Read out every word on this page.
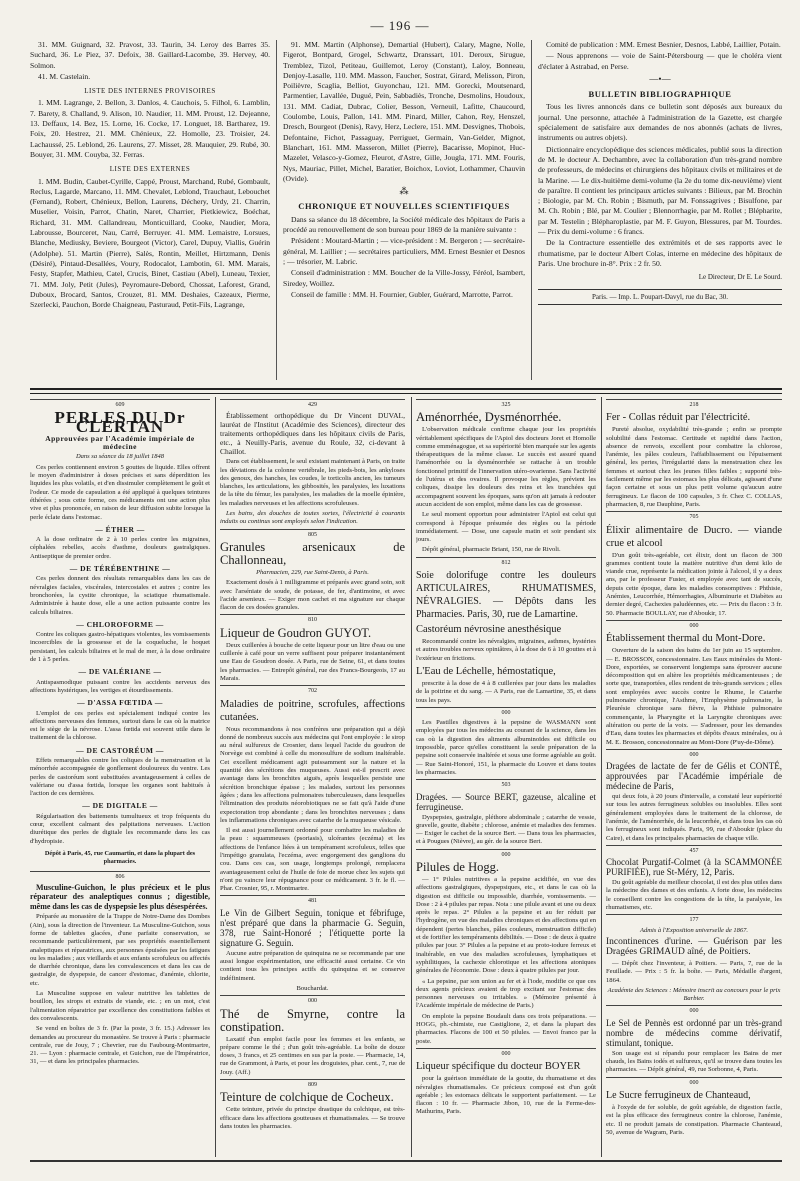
— 196 —

31. MM. Guignard, 32. Pravost, 33. Taurin, 34. Leroy des Barres 35. Suchard, 36. Le Piez, 37. Defoix, 38. Gaillard-Lacombe, 39. Hervey, 40. Solmon.

41. M. Castelain.

LISTE DES INTERNES PROVISOIRES

1. MM. Lagrange, 2. Bellon, 3. Danlos, 4. Cauchois, 5. Filhol, 6. Lamblin, 7. Barety, 8. Challand, 9. Alison, 10. Naudier, 11. MM. Proust, 12. Dejeanne, 13. Deffaux, 14. Bez, 15. Lorne, 16. Cocke, 17. Longuet, 18. Bartharez, 19. Foix, 20. Hestrez, 21. MM. Chénieux, 22. Homolle, 23. Troisier, 24. Lachaussé, 25. Leblond, 26. Laurens, 27. Misset, 28. Mauquier, 29. Rubé, 30. Bouyer, 31. MM. Couyba, 32. Ferras.

LISTE DES EXTERNES

1. MM. Budin, Caubet-Cyrille, Cappé, Proust, Marchand, Rubé, Gombault, Reclus, Lagarde, Marcano, 11. MM. Chevalet, Leblond, Trauchaut, Lebouchet (Fernand), Robert, Chénieux, Bellon, Laurens, Déchery, Urdy, 21. Charrin, Muselier, Voisin, Parrot, Chatin, Naret, Charrier, Pietkiewicz, Boéchat, Richard, 31. MM. Callandreau, Monticuillard, Cooke, Naudier, Mora, Labrousse, Bourceret, Nau, Carré, Berruyer. 41. MM. Lemaistre, Lorsues, Blanche, Mediusky, Beviere, Bourgeot (Victor), Carel, Dupuy, Viallis, Guérin (Adolphe). 51. Martin (Pierre), Salès, Rontin, Meillet, Hirtzmann, Denis (Désiré), Pintaud-Desallées, Voury, Rodocalot, Lambotin, 61. MM. Marais, Festy, Stapfer, Mathieu, Catel, Crucis, Binet, Castiau (Abel), Luneau, Texier, 71. MM. Joly, Petit (Jules), Peyromaure-Debord, Chossat, Laforest, Grand, Duboux, Brocard, Santos, Crouzet, 81. MM. Deshaies, Cazeaux, Pierme, Szerlecki, Pauchon, Borde Chaigneau, Pasturaud, Petit-Fils, Lagrange,

91. MM. Martin (Alphonse), Demartial (Hubert), Calary, Magne, Nolle, Figerot, Bontpard, Grogel, Schwartz, Dranssart, 101. Deroux, Sirugue, Tremblez, Tizol, Petiteau, Guillemot, Leroy (Constant), Laloy, Bonneau, Denjoy-Lasalle, 110. MM. Masson, Faucher, Sostrat, Girard, Melisson, Piron, Poilièvre, Scaglia, Belliot, Guyonchau, 121. MM. Gorecki, Moutsenard, Parmentier, Lavallée, Dugué, Pein, Sabbadiès, Tronche, Desmolins, Houdoux, 131. MM. Cadiat, Dubrac, Colier, Besson, Verneuil, Lafitte, Chaucourd, Coulombe, Louis, Pallon, 141. MM. Pinard, Miller, Cahon, Rey, Henszel, Dresch, Bourgeot (Denis), Ravy, Herz, Leclere, 151. MM. Desvignes, Thobois, Defontaine, Fichot, Passaguay, Perriguet, Germain, Van-Gelder, Mignot, Blanchart, 161. MM. Masseron, Millet (Pierre), Bacarisse, Mopinot, Huc-Mazelet, Velasco-y-Gomez, Fleurot, d'Astre, Gille, Jougla, 171. MM. Fouris, Nys, Mauriac, Pillet, Michel, Baratier, Boichox, Loviot, Lothammer, Chauvin (Ovide).

⁂
CHRONIQUE ET NOUVELLES SCIENTIFIQUES

Dans sa séance du 18 décembre, la Société médicale des hôpitaux de Paris a procédé au renouvellement de son bureau pour 1869 de la manière suivante :

Président : Moutard-Martin ; — vice-président : M. Bergeron ; — secrétaire-général, M. Laillier ; — secrétaires particuliers, MM. Ernest Besnier et Desnos ; — trésorier, M. Labric.

Conseil d'administration : MM. Boucher de la Ville-Jossy, Féréol, Isambert, Siredey, Woillez.

Conseil de famille : MM. H. Fournier, Gubler, Guérard, Marrotte, Parrot.

Comité de publication : MM. Ernest Besnier, Desnos, Labbé, Laillier, Potain.

— Nous apprenons — voie de Saint-Pétersbourg — que le choléra vient d'éclater à Astrabad, en Perse.

—•—
BULLETIN BIBLIOGRAPHIQUE

Tous les livres annoncés dans ce bulletin sont déposés aux bureaux du journal. Une personne, attachée à l'administration de la Gazette, est chargée spécialement de satisfaire aux demandes de nos abonnés (achats de livres, instruments ou autres objets).

Dictionnaire encyclopédique des sciences médicales, publié sous la direction de M. le docteur A. Dechambre, avec la collaboration d'un très-grand nombre de professeurs, de médecins et chirurgiens des hôpitaux civils et militaires et de la Marine. — Le dix-huitième demi-volume (la 2e du tome dix-neuvième) vient de paraître. Il contient les principaux articles suivants : Bilieux, par M. Brochin ; Biologie, par M. Ch. Robin ; Bismuth, par M. Fonssagrives ; Bisulfone, par M. Ch. Robin ; Blé, par M. Coulier ; Blennorrhagie, par M. Rollet ; Blépharite, par M. Testelin ; Blépharoplastie, par M. F. Guyon, Blessures, par M. Tourdes. — Prix du demi-volume : 6 francs.

De la Contracture essentielle des extrémités et de ses rapports avec le rhumatisme, par le docteur Albert Colas, interne en médecine des hôpitaux de Paris. Une brochure in-8°. Prix : 2 fr. 50.

Le Directeur, Dr E. Le Sourd.
Paris. — Imp. L. Poupart-Davyl, rue du Bac, 30.
609
PERLES DU Dr CLERTAN
Approuvées par l'Académie impériale de médecine
Dans sa séance du 18 juillet 1848

Ces perles contiennent environ 5 gouttes de liquide. Elles offrent le moyen d'administrer à doses précises et sans déperdition les liquides les plus volatils, et d'en dissimuler complètement le goût et l'odeur. Ce mode de capsulation a été appliqué à quelques teintures éthérées ; sous cette forme, ces médicaments ont une action plus vive et plus prononcée, en raison de leur diffusion subite lorsque la perle éclate dans l'estomac.

— ÉTHER —

A la dose ordinaire de 2 à 10 perles contre les migraines, céphalées rebelles, accès d'asthme, douleurs gastralgiques. Antiseptique de premier ordre.

— DE TÉRÉBENTHINE —

Ces perles donnent des résultats remarquables dans les cas de névralgies faciales, viscérales, intercostales et autres ; contre les bronchorées, la cystite chronique, la sciatique rhumatismale. Administrée à haute dose, elle a une action puissante contre les calculs biliaires.

— CHLOROFORME —

Contre les coliques gastro-hépatiques violentes, les vomissements incoercibles de la grossesse et de la coqueluche, le hoquet persistant, les calculs biliaires et le mal de mer, à la dose ordinaire de 1 à 5 perles.

— DE VALÉRIANE —

Antispasmodique puissant contre les accidents nerveux des affections hystériques, les vertiges et étourdissements.

— D'ASSA FŒTIDA —

L'emploi de ces perles est spécialement indiqué contre les affections nerveuses des femmes, surtout dans le cas où la matrice est le siège de la névrose. L'assa fœtida est souvent utile dans le traitement de la chlorose.

— DE CASTORÉUM —

Effets remarquables contre les coliques de la menstruation et la ménorrhée accompagnée de gonflement douloureux du ventre. Les perles de castoréum sont substituées avantageusement à celles de valériane ou d'assa fœtida, lorsque les organes sont habitués à l'action de ces dernières.

— DE DIGITALE —

Régularisation des battements tumultueux et trop fréquents du cœur, excellent calmant des palpitations nerveuses. L'action diurétique des perles de digitale les recommande dans les cas d'hydropisie.

Dépôt à Paris, 45, rue Caumartin, et dans la plupart des pharmacies.
806

Musculine-Guichon, le plus précieux et le plus réparateur des analeptiques connus ; digestible, même dans les cas de dyspepsie les plus désespérées.

Préparée au monastère de la Trappe de Notre-Dame des Dombes (Ain), sous la direction de l'inventeur. La Musculine-Guichon, sous forme de tablettes glacées, d'une parfaite conservation, se recommande particulièrement, par ses propriétés essentiellement analeptiques et réparatrices, aux personnes épuisées par les fatigues ou les maladies ; aux vieillards et aux enfants scrofuleux ou affectés de diarrhée chronique, dans les convalescences et dans les cas de gastralgie, de dyspepsie, de cancer d'estomac, d'anémie, chlorite, etc.

La Musculine suppose en valeur nutritive les tablettes de bouillon, les sirops et extraits de viande, etc. ; en un mot, c'est l'alimentation réparatrice par excellence des constitutions faibles et des convalescents.

Se vend en boîtes de 3 fr. (Par la poste, 3 fr. 15.) Adresser les demandes au procureur du monastère. Se trouve à Paris : pharmacie centrale, rue de Jouy, 7 ; Chevrier, rue du Faubourg-Montmartre, 21. — Lyon : pharmacie centrale, et Guichon, rue de l'Impératrice, 31, — et dans les principales pharmacies.

429

Établissement orthopédique du Dr Vincent DUVAL, lauréat de l'Institut (Académie des Sciences), directeur des traitements orthopédiques dans les hôpitaux civils de Paris, etc., à Neuilly-Paris, avenue du Roule, 32, ci-devant à Chaillot.

Dans cet établissement, le seul existant maintenant à Paris, on traite les déviations de la colonne vertébrale, les pieds-bots, les ankyloses des genoux, des hanches, les coudes, le torticolis ancien, les tumeurs blanches, les articulations, les gibbosités, les paralysies, les luxations de la tête du fémur, les paralysies, les maladies de la moelle épinière, les maladies nerveuses et les affections scrofuleuses.

Les bains, des douches de toutes sortes, l'électricité à courants induits ou continus sont employés selon l'indication.

805
Granules arsenicaux de Challonneau,
Pharmacien, 229, rue Saint-Denis, à Paris.

Exactement dosés à 1 milligramme et préparés avec grand soin, soit avec l'arséniate de soude, de potasse, de fer, d'antimoine, et avec l'acide arsenieux. — Exiger mon cachet et ma signature sur chaque flacon de ces dosées granules.

810
Liqueur de Goudron GUYOT.

Deux cuillerées à bouche de cette liqueur pour un litre d'eau ou une cuillerée à café pour un verre suffisent pour préparer instantanément une Eau de Goudron dosée. A Paris, rue de Seine, 61, et dans toutes les pharmacies. — Entrepôt général, rue des Francs-Bourgeois, 17 au Marais.

702
Maladies de poitrine, scrofules, affections cutanées.

Nous recommandons à nos confrères une préparation qui a déjà donné de nombreux succès aux médecins qui l'ont employée : le sirop au néral sulfureux de Crosnier, dans lequel l'acide du goudron de Norvège est combiné à celle du monosulfure de sodium inaltérable. Cet excellent médicament agit puissamment sur la nature et la quantité des sécrétions des muqueuses. Aussi est-il prescrit avec avantage dans les bronchites aiguës, après lesquelles persiste une sécrétion bronchique épaisse ; les malades, surtout les personnes âgées ; dans les affections pulmonaires tuberculeuses, dans lesquelles l'élimination des produits néorobiotiques ne se fait qu'à l'aide d'une expectoration trop abondante ; dans les bronchites nerveuses ; dans les inflammations chroniques avec catarrhe de la muqueuse vésicale.

Il est aussi journellement ordonné pour combattre les maladies de la peau : squammeuses (psoriasis), ulcérantes (eczéma) et les affections de l'enfance liées à un tempérament scrofuleux, telles que l'impétigo granulata, l'eczéma, avec engorgement des ganglions du cou. Dans ces cas, son usage, longtemps prolongé, remplacera avantageusement celui de l'huile de foie de morue chez les sujets qui n'ont pu vaincre leur répugnance pour ce médicament. 3 fr. le fl. — Phar. Crosnier, 95, r. Montmartre.

481
Le Vin de Gilbert Seguin, tonique et fébrifuge, n'est préparé que dans la pharmacie G. Seguin, 378, rue Saint-Honoré ; l'étiquette porte la signature G. Seguin.

Aucune autre préparation de quinquina ne se recommande par une aussi longue expérimentation, une efficacité aussi certaine. Ce vin contient tous les principes actifs du quinquina et se conserve indéfiniment.

Bouchardat.
000
Thé de Smyrne, contre la constipation.

Laxatif d'un emploi facile pour les femmes et les enfants, se prépare comme le thé ; d'un goût très-agréable. La boîte de douze doses, 3 francs, et 25 centimes en sus par la poste. — Pharmacie, 14, rue de Grammont, à Paris, et pour les droguistes, phar. cent., 7, rue de Jouy. (Aff.)

809
Teinture de colchique de Cocheux.

Cette teinture, privée du principe drastique du colchique, est très-efficace dans les affections goutteuses et rhumatismales. — Se trouve dans toutes les pharmacies.

325
Aménorrhée, Dysménorrhée.

L'observation médicale confirme chaque jour les propriétés véritablement spécifiques de l'Apiol des docteurs Joret et Homolle comme emménagogue, et sa supériorité bien marquée sur les agents thérapeutiques de la même classe. Le succès est assuré quand l'aménorrhée ou la dysménorrhée se rattache à un trouble fonctionnel primitif de l'innervation utéro-ovarienne. Sans l'activité de l'utérus et des ovaires. Il provoque les règles, prévient les coliques, dissipe les douleurs des reins et les tranchées qui accompagnent souvent les époques, sans qu'on ait jamais à redouter aucun accident de son emploi, même dans les cas de grossesse.

Le seul moment opportun pour administrer l'Apiol est celui qui correspond à l'époque présumée des règles ou la période immédiatement. — Dose, une capsule matin et soir pendant six jours.

Dépôt général, pharmacie Briant, 150, rue de Rivoli.

812
Soie dolorifuge contre les douleurs ARTICULAIRES, RHUMATISMES, NÉVRALGIES. — Dépôts dans les Pharmacies. Paris, 30, rue de Lamartine.
Castoréum névrosine anesthésique

Recommandé contre les névralgies, migraines, asthmes, hystéries et autres troubles nerveux opiniâtres, à la dose de 6 à 10 gouttes et à l'extérieur en frictions.

L'Eau de Léchelle, hémostatique,

prescrite à la dose de 4 à 8 cuillerées par jour dans les maladies de la poitrine et du sang. — A Paris, rue de Lamartine, 35, et dans tous les pays.

000

Les Pastilles digestives à la pepsine de WASMANN sont employées par tous les médecins au courant de la science, dans les cas où la digestion des aliments albuminoïdes est difficile ou impossible, parce qu'elles constituent la seule préparation de la pepsine soit conservée inaltérée et sous une forme agréable au goût. — Rue Saint-Honoré, 151, la pharmacie du Louvre et dans toutes les pharmacies.

503
Dragées. — Source BERT, gazeuse, alcaline et ferrugineuse.

Dyspepsies, gastralgie, pléthore abdominale ; catarrhe de vessie, gravelle, goutte, diabète ; chlorose, anémie et maladies des femmes. — Exiger le cachet de la source Bert. — Dans tous les pharmacies, et à Pougues (Nièvre), au gér. de la source Bert.

000
Pilules de Hogg.

— 1° Pilules nutritives a la pepsine acidifiée, en vue des affections gastralgiques, dyspepsiques, etc., et dans le cas où la digestion est difficile ou impossible, diarrhée, vomissements. — Dose : 2 à 4 pilules par repas. Nota : une pilule avant et une ou deux après le repas. 2° Pilules a la pepsine et au fer réduit par l'hydrogène, en vue des maladies chroniques et des affections qui en dépendent (pertes blanches, pâles couleurs, menstruation difficile) et de fortifier les tempéraments débilités. — Dose : de deux à quatre pilules par jour. 3° Pilules a la pepsine et au proto-iodure ferreux et inaltérable, en vue des maladies scrofuleuses, lymphatiques et syphilitiques, la cachexie chlorotique et les affections atoniques générales de l'économie. Dose : deux à quatre pilules par jour.

« La pepsine, par son union au fer et à l'iode, modifie ce que ces deux agents précieux avaient de trop excitant sur l'estomac des personnes nerveuses ou irritables. » (Mémoire présenté à l'Académie impériale de médecine de Paris.)

On emploie la pepsine Boudault dans ces trois préparations. — HOGG, ph.-chimiste, rue Castiglione, 2, et dans la plupart des pharmacies. Flacons de 100 et 50 pilules. — Envoi franco par la poste.

000
Liqueur spécifique du docteur BOYER

pour la guérison immédiate de la goutte, du rhumatisme et des névralgies rhumatismales. Ce précieux composé est d'un goût agréable ; les estomacs délicats le supportent parfaitement. — Le flacon : 10 fr. — Pharmacie Jibon, 10, rue de la Ferme-des-Mathurins, Paris.

218
Fer - Collas réduit par l'électricité.

Pureté absolue, oxydabilité très-grande ; enfin se prompte solubilité dans l'estomac. Certitude et rapidité dans l'action, absence de renvois, excellent pour combattre la chlorose, l'anémie, les pâles couleurs, l'affaiblissement ou l'épuisement général, les pertes, l'irrégularité dans la menstruation chez les femmes et surtout chez les jeunes filles faibles ; supporté très-facilement même par les estomacs les plus délicats, agissant d'une façon certaine et sous un plus petit volume qu'aucun autre ferrugineux. Le flacon de 100 capsules, 3 fr. Chez C. COLLAS, pharmacien, 8, rue Dauphine, Paris.

705
Élixir alimentaire de Ducro. — viande crue et alcool

D'un goût très-agréable, cet élixir, dont un flacon de 300 grammes contient toute la matière nutritive d'un demi kilo de viande crue, représente la médication jointe à l'alcool, il y a deux ans, par le professeur Fuster, et employée avec tant de succès, depuis cette époque, dans les maladies consomptives : Phthisie, Anémies, Leucorrhée, Hémorrhagies, Albuminurie et Diabètes au dernier degré, Cachexies paludéennes, etc. — Prix du flacon : 3 fr. 50. Pharmacie BOULLAY, rue d'Aboukir, 17.

000
Établissement thermal du Mont-Dore.

Ouverture de la saison des bains du 1er juin au 15 septembre. — E. BROSSON, concessionnaire. Les Eaux minérales du Mont-Dore, exportées, se conservent longtemps sans éprouver aucune décomposition qui en altère les propriétés médicamenteuses ; de sorte que, transportées, elles rendent de très-grands services ; elles sont employées avec succès contre le Rhume, le Catarrhe pulmonaire chronique, l'Asthme, l'Emphysème pulmonaire, la Pleurésie chronique sans fièvre, la Phthisie pulmonaire commençante, la Pharyngite et la Laryngite chroniques avec altération ou perte de la voix. — S'adresser, pour les demandes d'Eau, dans toutes les pharmacies et dépôts d'eaux minérales, ou à M. E. Brosson, concessionnaire au Mont-Dore (P'uy-de-Dôme).

000
Dragées de lactate de fer de Gélis et CONTÉ, approuvées par l'Académie impériale de médecine de Paris,

qui deux fois, à 20 jours d'intervalle, a constaté leur supériorité sur tous les autres ferrugineux solubles ou insolubles. Elles sont généralement employées dans le traitement de la chlorose, de l'anémie, de l'aménorrhée, de la leucorrhée, et dans tous les cas où les ferrugineux sont indiqués. Paris, 99, rue d'Aboukir (place du Caire), et dans les principales pharmacies de chaque ville.

457
Chocolat Purgatif-Colmet (à la SCAMMONÉE PURIFIÉE), rue St-Méry, 12, Paris.

Du goût agréable du meilleur chocolat, il est des plus utiles dans la médecine des dames et des enfants. A forte dose, les médecins le conseillent contre les congestions de la tête, la paralysie, les rhumatismes, etc.

177
Admis à l'Exposition universelle de 1867.
Incontinences d'urine. — Guérison par les Dragées GRIMAUD aîné, de Poitiers.

— Dépôt chez l'inventeur, à Poitiers. — Paris, 7, rue de la Feuillade. — Prix : 5 fr. la boîte. — Paris, Médaille d'argent, 1864.

Académie des Sciences : Mémoire inscrit au concours pour le prix Barbier.
000
Le Sel de Pennès est ordonné par un très-grand nombre de médecins comme dérivatif, stimulant, tonique.

Son usage est si répandu pour remplacer les Bains de mer chauds, les Bains iodés et sulfureux, qu'il se trouve dans toutes les pharmacies. — Dépôt général, 49, rue Sorbonne, 4, Paris.

000
Le Sucre ferrugineux de Chanteaud,

à l'oxyde de fer soluble, de goût agréable, de digestion facile, est la plus efficace des ferrugineux contre la chlorose, l'anémie, etc. Il ne produit jamais de constipation. Pharmacie Chanteaud, 50, avenue de Wagram, Paris.
